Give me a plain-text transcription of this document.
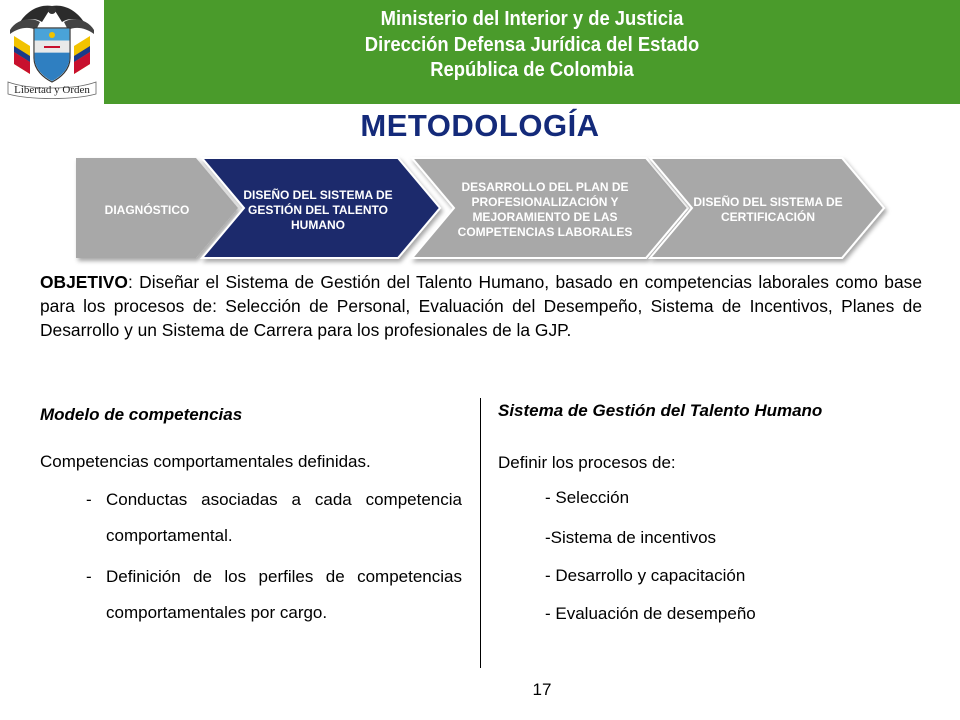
Libertad y Orden
Ministerio del Interior y de Justicia
Dirección Defensa Jurídica del Estado
República de Colombia
METODOLOGÍA
DIAGNÓSTICO
DISEÑO DEL SISTEMA DE GESTIÓN DEL TALENTO HUMANO
DESARROLLO DEL PLAN DE PROFESIONALIZACIÓN Y MEJORAMIENTO DE LAS COMPETENCIAS LABORALES
DISEÑO DEL SISTEMA DE CERTIFICACIÓN
OBJETIVO: Diseñar el Sistema de Gestión del Talento Humano, basado en competencias laborales como base para los procesos de: Selección de Personal, Evaluación del Desempeño, Sistema de Incentivos, Planes de Desarrollo y un Sistema de Carrera para los profesionales de la GJP.
Modelo de competencias
Competencias comportamentales definidas.
- Conductas asociadas a cada competencia comportamental.
- Definición de los perfiles de competencias comportamentales por cargo.
Sistema de Gestión del Talento Humano
Definir los procesos de:
- Selección
-Sistema de incentivos
- Desarrollo y capacitación
- Evaluación de desempeño
17
